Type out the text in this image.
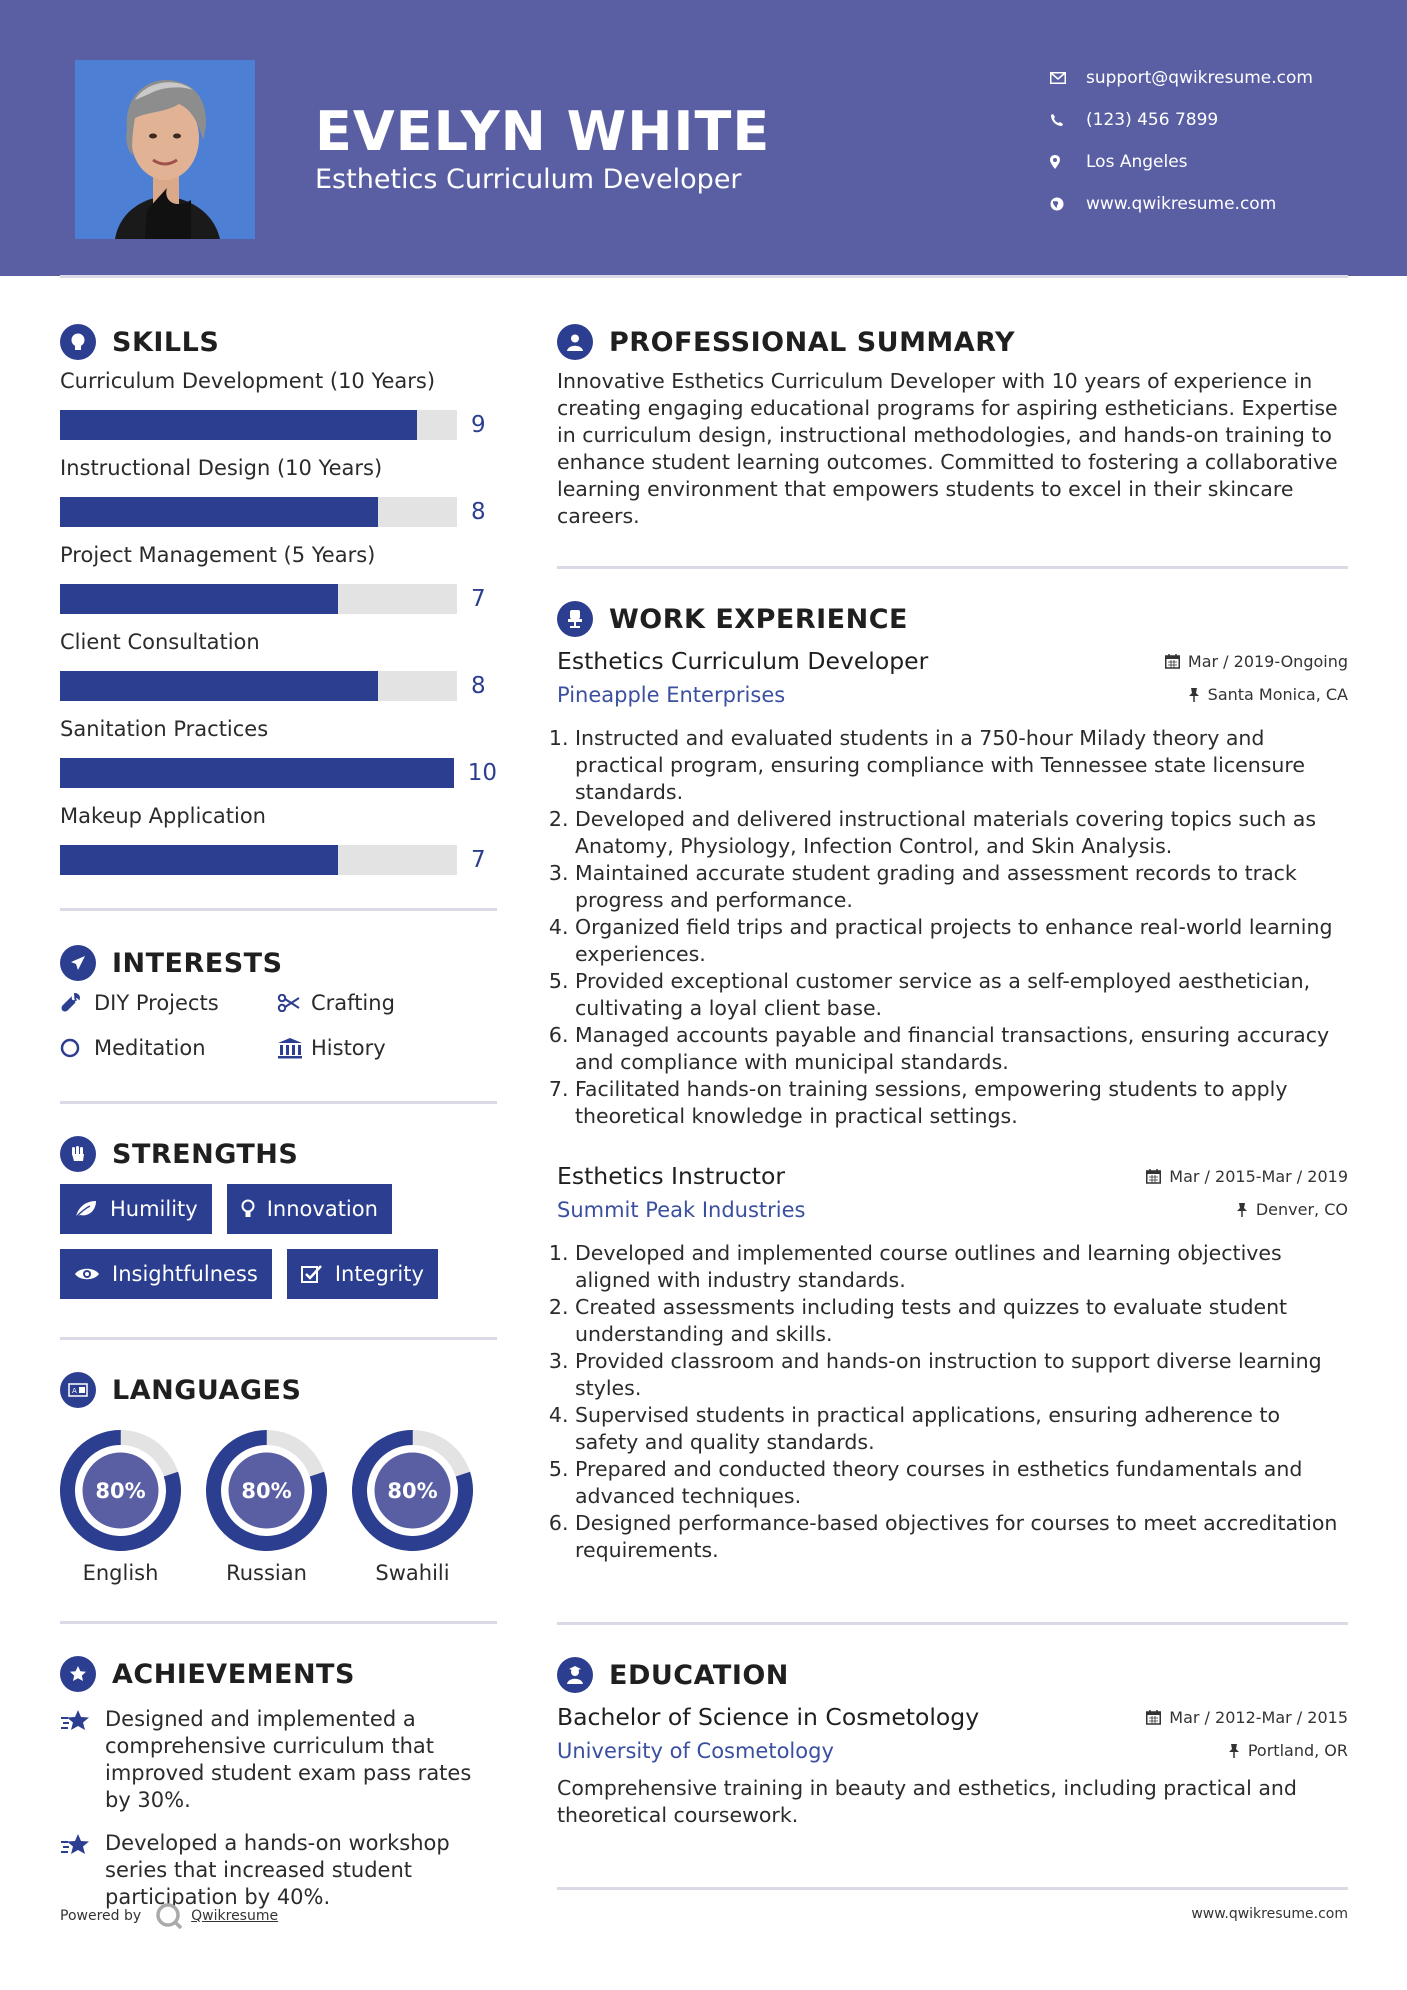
EVELYN WHITE
Esthetics Curriculum Developer
support@qwikresume.com
(123) 456 7899
Los Angeles
www.qwikresume.com
SKILLS
Curriculum Development (10 Years)
9
Instructional Design (10 Years)
8
Project Management (5 Years)
7
Client Consultation
8
Sanitation Practices
10
Makeup Application
7
INTERESTS
DIY Projects	Crafting
Meditation	History
STRENGTHS
Humility	Innovation
Insightfulness	Integrity
A LANGUAGES
80%
English
80%
Russian
80%
Swahili
ACHIEVEMENTS
Designed and implemented a comprehensive curriculum that improved student exam pass rates by 30%.
Developed a hands-on workshop series that increased student participation by 40%.
PROFESSIONAL SUMMARY
Innovative Esthetics Curriculum Developer with 10 years of experience in creating engaging educational programs for aspiring estheticians. Expertise in curriculum design, instructional methodologies, and hands-on training to enhance student learning outcomes. Committed to fostering a collaborative learning environment that empowers students to excel in their skincare careers.
WORK EXPERIENCE
Esthetics Curriculum Developer	Mar / 2019-Ongoing
Pineapple Enterprises	Santa Monica, CA
1. Instructed and evaluated students in a 750-hour Milady theory and practical program, ensuring compliance with Tennessee state licensure standards.
2. Developed and delivered instructional materials covering topics such as Anatomy, Physiology, Infection Control, and Skin Analysis.
3. Maintained accurate student grading and assessment records to track progress and performance.
4. Organized field trips and practical projects to enhance real-world learning experiences.
5. Provided exceptional customer service as a self-employed aesthetician, cultivating a loyal client base.
6. Managed accounts payable and financial transactions, ensuring accuracy and compliance with municipal standards.
7. Facilitated hands-on training sessions, empowering students to apply theoretical knowledge in practical settings.
Esthetics Instructor	Mar / 2015-Mar / 2019
Summit Peak Industries	Denver, CO
1. Developed and implemented course outlines and learning objectives aligned with industry standards.
2. Created assessments including tests and quizzes to evaluate student understanding and skills.
3. Provided classroom and hands-on instruction to support diverse learning styles.
4. Supervised students in practical applications, ensuring adherence to safety and quality standards.
5. Prepared and conducted theory courses in esthetics fundamentals and advanced techniques.
6. Designed performance-based objectives for courses to meet accreditation requirements.
EDUCATION
Bachelor of Science in Cosmetology	Mar / 2012-Mar / 2015
University of Cosmetology	Portland, OR
Comprehensive training in beauty and esthetics, including practical and theoretical coursework.
Powered by	Qwikresume	www.qwikresume.com
